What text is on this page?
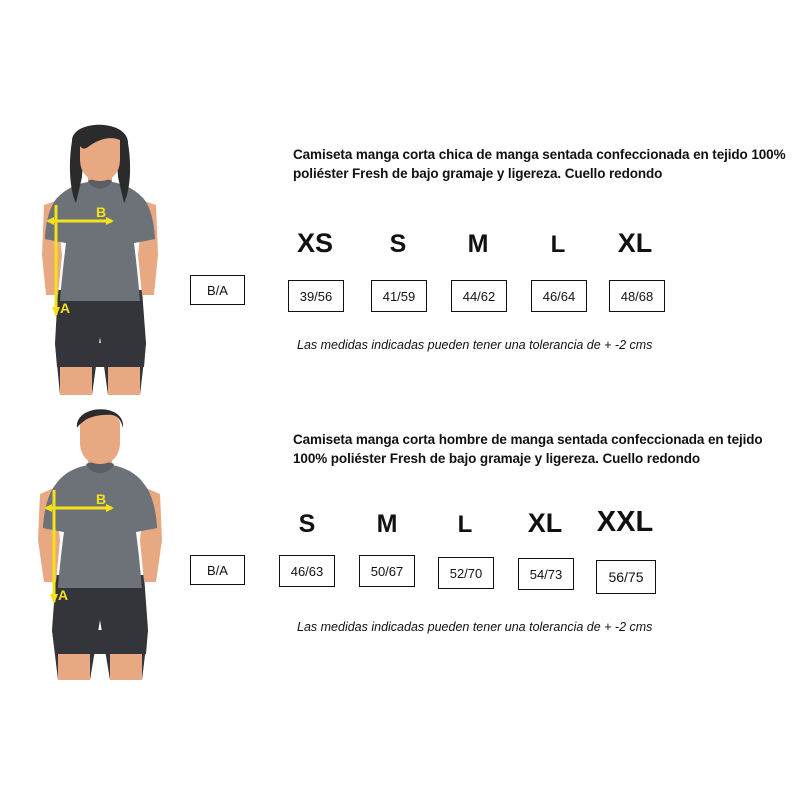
A
B
Camiseta manga corta chica de manga sentada confeccionada en tejido 100% poliéster Fresh de bajo gramaje y ligereza. Cuello redondo
XS	S	M	L	XL
B/A	39/56	41/59	44/62	46/64	48/68
Las medidas indicadas pueden tener una tolerancia de + -2 cms
A
B
Camiseta manga corta hombre de manga sentada confeccionada en tejido 100% poliéster Fresh de bajo gramaje y ligereza. Cuello redondo
S	M	L	XL	XXL
B/A	46/63	50/67	52/70	54/73	56/75
Las medidas indicadas pueden tener una tolerancia de + -2 cms
